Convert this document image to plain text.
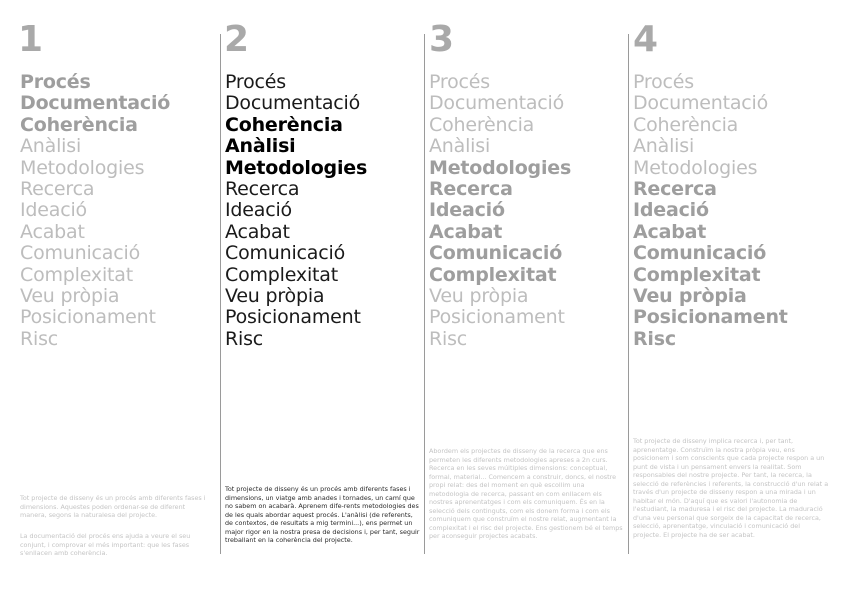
1
Procés
Documentació
Coherència
Anàlisi
Metodologies
Recerca
Ideació
Acabat
Comunicació
Complexitat
Veu pròpia
Posicionament
Risc

Tot projecte de disseny és un procés amb diferents fases i dimensions. Aquestes poden ordenar-se de diferent manera, segons la naturalesa del projecte.

La documentació del procés ens ajuda a veure el seu conjunt, i comprovar el més important: que les fases s'enllacen amb coherència.

2
Procés
Documentació
Coherència
Anàlisi
Metodologies
Recerca
Ideació
Acabat
Comunicació
Complexitat
Veu pròpia
Posicionament
Risc

Tot projecte de disseny és un procés amb diferents fases i dimensions, un viatge amb anades i tornades, un camí que no sabem on acabarà. Aprenem dife-rents metodologies des de les quals abordar aquest procés. L'anàlisi (de referents, de contextos, de resultats a mig termini...), ens permet un major rigor en la nostra presa de decisions i, per tant, seguir treballant en la coherència del projecte.

3
Procés
Documentació
Coherència
Anàlisi
Metodologies
Recerca
Ideació
Acabat
Comunicació
Complexitat
Veu pròpia
Posicionament
Risc

Abordem els projectes de disseny de la recerca que ens permeten les diferents metodologies apreses a 2n curs. Recerca en les seves múltiples dimensions: conceptual, formal, material... Comencem a construir, doncs, el nostre propi relat: des del moment en què escollim una metodologia de recerca, passant en com enllacem els nostres aprenentatges i com els comuniquem. És en la selecció dels continguts, com els donem forma i com els comuniquem que construïm el nostre relat, augmentant la complexitat i el risc del projecte. Ens gestionem bé el temps per aconseguir projectes acabats.

4
Procés
Documentació
Coherència
Anàlisi
Metodologies
Recerca
Ideació
Acabat
Comunicació
Complexitat
Veu pròpia
Posicionament
Risc

Tot projecte de disseny implica recerca i, per tant, aprenentatge. Construïm la nostra pròpia veu, ens posicionem i som conscients que cada projecte respon a un punt de vista i un pensament envers la realitat. Som responsables del nostre projecte. Per tant, la recerca, la selecció de referències i referents, la construcció d'un relat a través d'un projecte de disseny respon a una mirada i un habitar el món. D'aquí que es valori l'autonomia de l'estudiant, la maduresa i el risc del projecte. La maduració d'una veu personal que sorgeix de la capacitat de recerca, selecció, aprenentatge, vinculació i comunicació del projecte. El projecte ha de ser acabat.
